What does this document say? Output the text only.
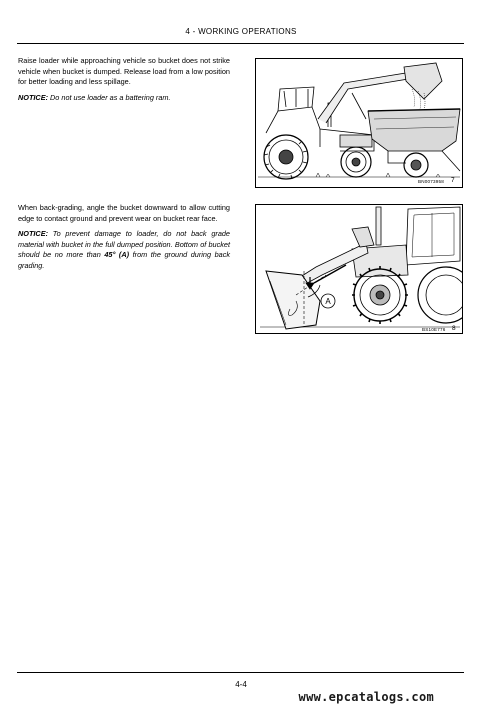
4 - WORKING OPERATIONS

Raise loader while approaching vehicle so bucket does not strike vehicle when bucket is dumped. Release load from a low position for better loading and less spillage.

NOTICE: Do not use loader as a battering ram.

BN0073958 7

When back-grading, angle the bucket downward to allow cutting edge to contact ground and prevent wear on bucket rear face.

NOTICE: To prevent damage to loader, do not back grade material with bucket in the full dumped position. Bottom of bucket should be no more than 45° (A) from the ground during back grading.

A
BS10E776 8
4-4
www.epcatalogs.com
